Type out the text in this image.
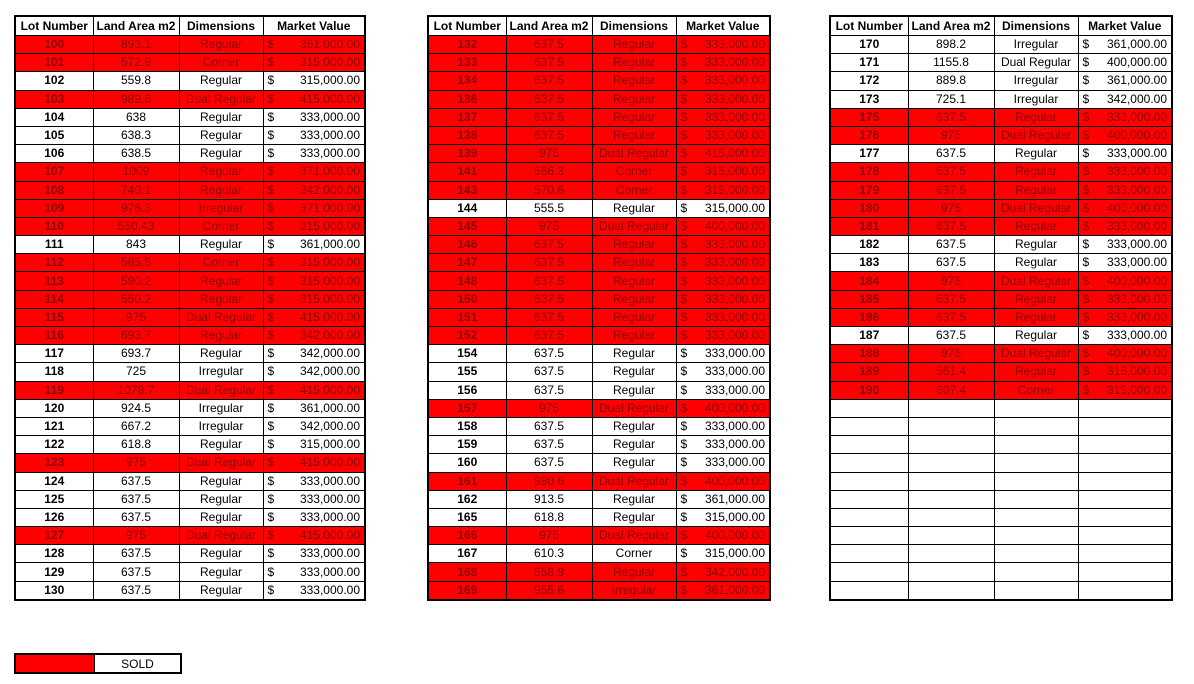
Lot Number	Land Area m2	Dimensions	Market Value
100	893.1	Regular	$ 361,000.00

101	572.9	Corner	$ 315,000.00

102	559.8	Regular	$ 315,000.00

103	989.6	Dual Regular	$ 415,000.00

104	638	Regular	$ 333,000.00

105	638.3	Regular	$ 333,000.00

106	638.5	Regular	$ 333,000.00

107	1009	Regular	$ 371,000.00

108	740.1	Regular	$ 342,000.00

109	976.3	Irregular	$ 371,000.00

110	550.43	Corner	$ 315,000.00

111	843	Regular	$ 361,000.00

112	585.5	Corner	$ 315,000.00

113	590.2	Regular	$ 315,000.00

114	550.2	Regular	$ 315,000.00

115	975	Dual Regular	$ 415,000.00

116	693.7	Regular	$ 342,000.00

117	693.7	Regular	$ 342,000.00

118	725	Irregular	$ 342,000.00

119	1078.7	Dual Regular	$ 415,000.00

120	924.5	Irregular	$ 361,000.00

121	667.2	Irregular	$ 342,000.00

122	618.8	Regular	$ 315,000.00

123	975	Dual Regular	$ 415,000.00

124	637.5	Regular	$ 333,000.00

125	637.5	Regular	$ 333,000.00

126	637.5	Regular	$ 333,000.00

127	975	Dual Regular	$ 415,000.00

128	637.5	Regular	$ 333,000.00

129	637.5	Regular	$ 333,000.00

130	637.5	Regular	$ 333,000.00
Lot Number	Land Area m2	Dimensions	Market Value
132	637.5	Regular	$ 333,000.00

133	637.5	Regular	$ 333,000.00

134	637.5	Regular	$ 333,000.00

136	637.5	Regular	$ 333,000.00

137	637.5	Regular	$ 333,000.00

138	637.5	Regular	$ 333,000.00

139	975	Dual Regular	$ 415,000.00

141	586.3	Corner	$ 315,000.00

143	570.6	Corner	$ 315,000.00

144	555.5	Regular	$ 315,000.00

145	975	Dual Regular	$ 400,000.00

146	637.5	Regular	$ 333,000.00

147	637.5	Regular	$ 333,000.00

148	637.5	Regular	$ 333,000.00

150	637.5	Regular	$ 333,000.00

151	637.5	Regular	$ 333,000.00

152	637.5	Regular	$ 333,000.00

154	637.5	Regular	$ 333,000.00

155	637.5	Regular	$ 333,000.00

156	637.5	Regular	$ 333,000.00

157	975	Dual Regular	$ 400,000.00

158	637.5	Regular	$ 333,000.00

159	637.5	Regular	$ 333,000.00

160	637.5	Regular	$ 333,000.00

161	980.6	Dual Regular	$ 400,000.00

162	913.5	Regular	$ 361,000.00

165	618.8	Regular	$ 315,000.00

166	975	Dual Regular	$ 400,000.00

167	610.3	Corner	$ 315,000.00

168	658.9	Regular	$ 342,000.00

169	955.6	Irregular	$ 361,000.00
Lot Number	Land Area m2	Dimensions	Market Value
170	898.2	Irregular	$ 361,000.00

171	1155.8	Dual Regular	$ 400,000.00

172	889.8	Irregular	$ 361,000.00

173	725.1	Irregular	$ 342,000.00

175	637.5	Regular	$ 333,000.00

176	975	Dual Regular	$ 400,000.00

177	637.5	Regular	$ 333,000.00

178	637.5	Regular	$ 333,000.00

179	637.5	Regular	$ 333,000.00

180	975	Dual Regular	$ 400,000.00

181	637.5	Regular	$ 333,000.00

182	637.5	Regular	$ 333,000.00

183	637.5	Regular	$ 333,000.00

184	975	Dual Regular	$ 400,000.00

185	637.5	Regular	$ 333,000.00

186	637.5	Regular	$ 333,000.00

187	637.5	Regular	$ 333,000.00

188	975	Dual Regular	$ 400,000.00

189	561.4	Regular	$ 315,000.00

190	607.4	Corner	$ 315,000.00

	SOLD
